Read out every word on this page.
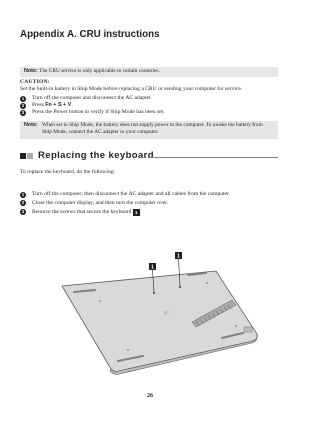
Appendix A. CRU instructions
Note: The CRU service is only applicable to certain countries.
CAUTION:
Set the built-in battery in Ship Mode before replacing a CRU or sending your computer for service.
1	Turn off the computer and disconnect the AC adapter.
2	Press Fn + S + V.
3	Press the Power button to verify if Ship Mode has been set.
Note: When set in Ship Mode, the battery does not supply power to the computer. To awake the battery from Ship Mode, connect the AC adapter to your computer.
Replacing the keyboard
To replace the keyboard, do the following:
1	Turn off the computer; then disconnect the AC adapter and all cables from the computer.
2	Close the computer display, and then turn the computer over.
3	Remove the screws that secure the keyboard 1 .
1
1
26
